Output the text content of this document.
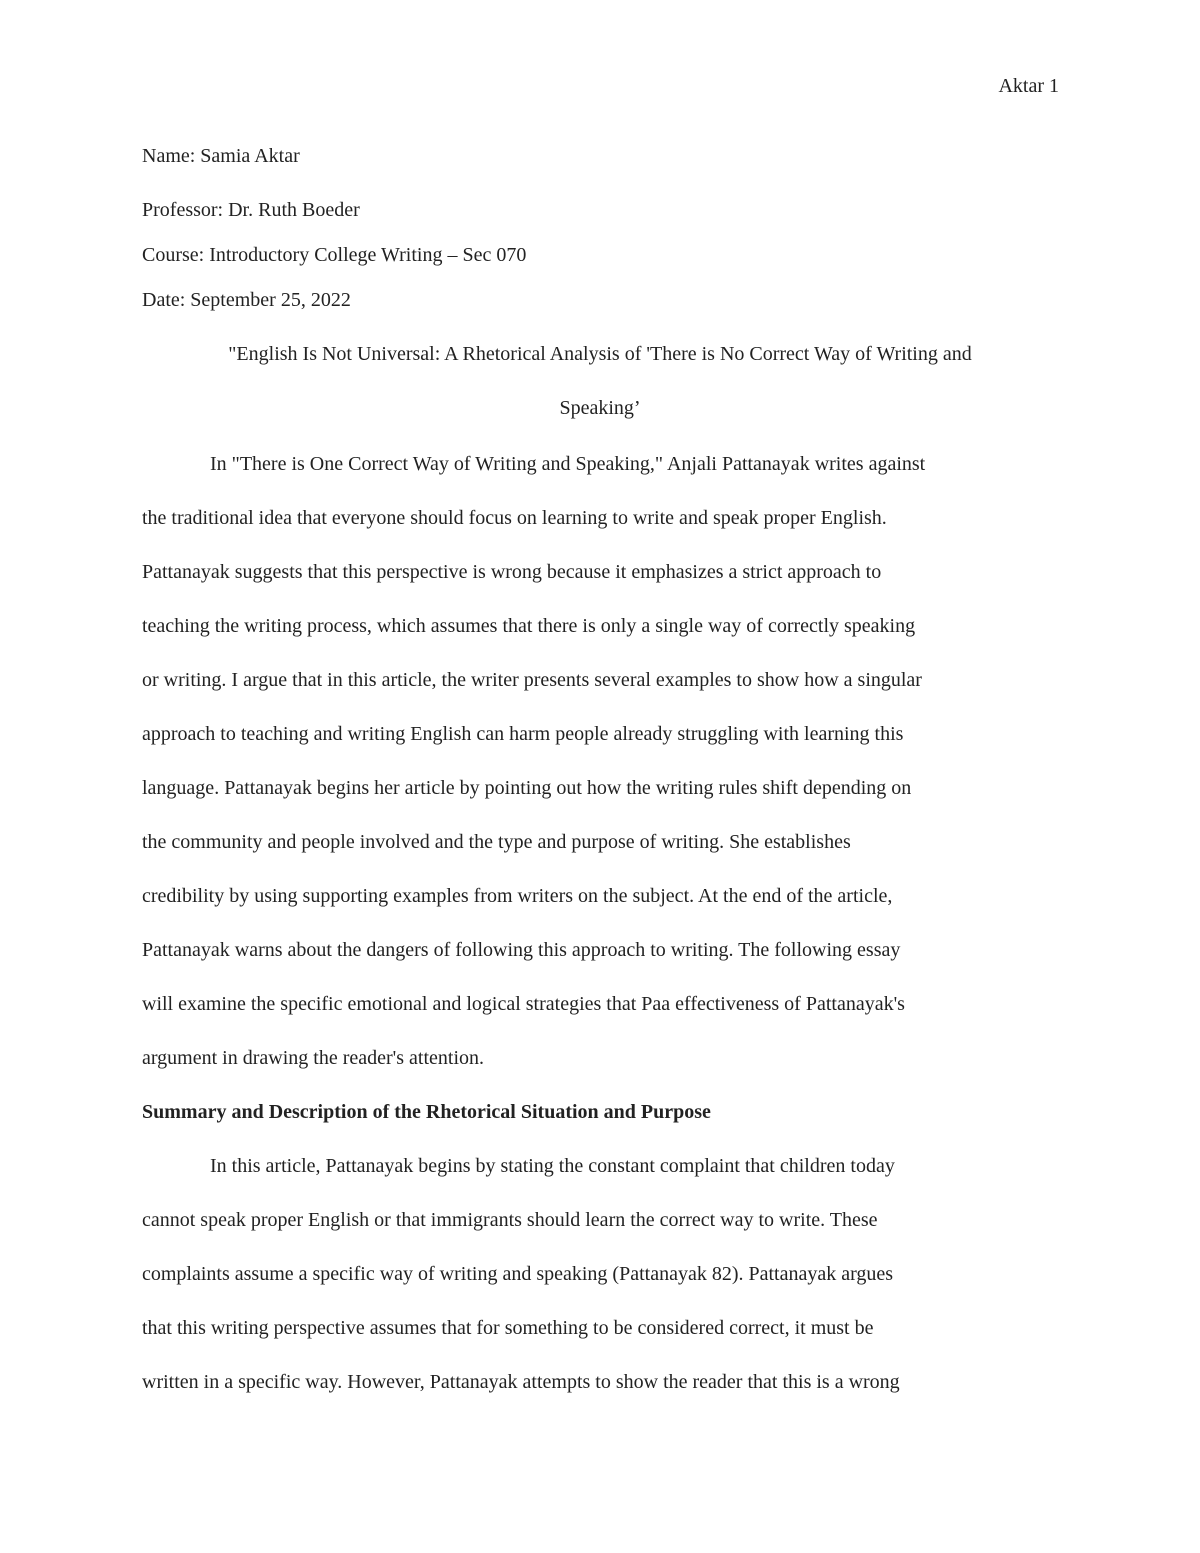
Aktar 1
Name: Samia Aktar
Professor: Dr. Ruth Boeder
Course: Introductory College Writing – Sec 070
Date: September 25, 2022
"English Is Not Universal: A Rhetorical Analysis of 'There is No Correct Way of Writing and
Speaking’
In "There is One Correct Way of Writing and Speaking," Anjali Pattanayak writes against
the traditional idea that everyone should focus on learning to write and speak proper English.
Pattanayak suggests that this perspective is wrong because it emphasizes a strict approach to
teaching the writing process, which assumes that there is only a single way of correctly speaking
or writing. I argue that in this article, the writer presents several examples to show how a singular
approach to teaching and writing English can harm people already struggling with learning this
language. Pattanayak begins her article by pointing out how the writing rules shift depending on
the community and people involved and the type and purpose of writing. She establishes
credibility by using supporting examples from writers on the subject. At the end of the article,
Pattanayak warns about the dangers of following this approach to writing. The following essay
will examine the specific emotional and logical strategies that Paa effectiveness of Pattanayak's
argument in drawing the reader's attention.
Summary and Description of the Rhetorical Situation and Purpose
In this article, Pattanayak begins by stating the constant complaint that children today
cannot speak proper English or that immigrants should learn the correct way to write. These
complaints assume a specific way of writing and speaking (Pattanayak 82). Pattanayak argues
that this writing perspective assumes that for something to be considered correct, it must be
written in a specific way. However, Pattanayak attempts to show the reader that this is a wrong
